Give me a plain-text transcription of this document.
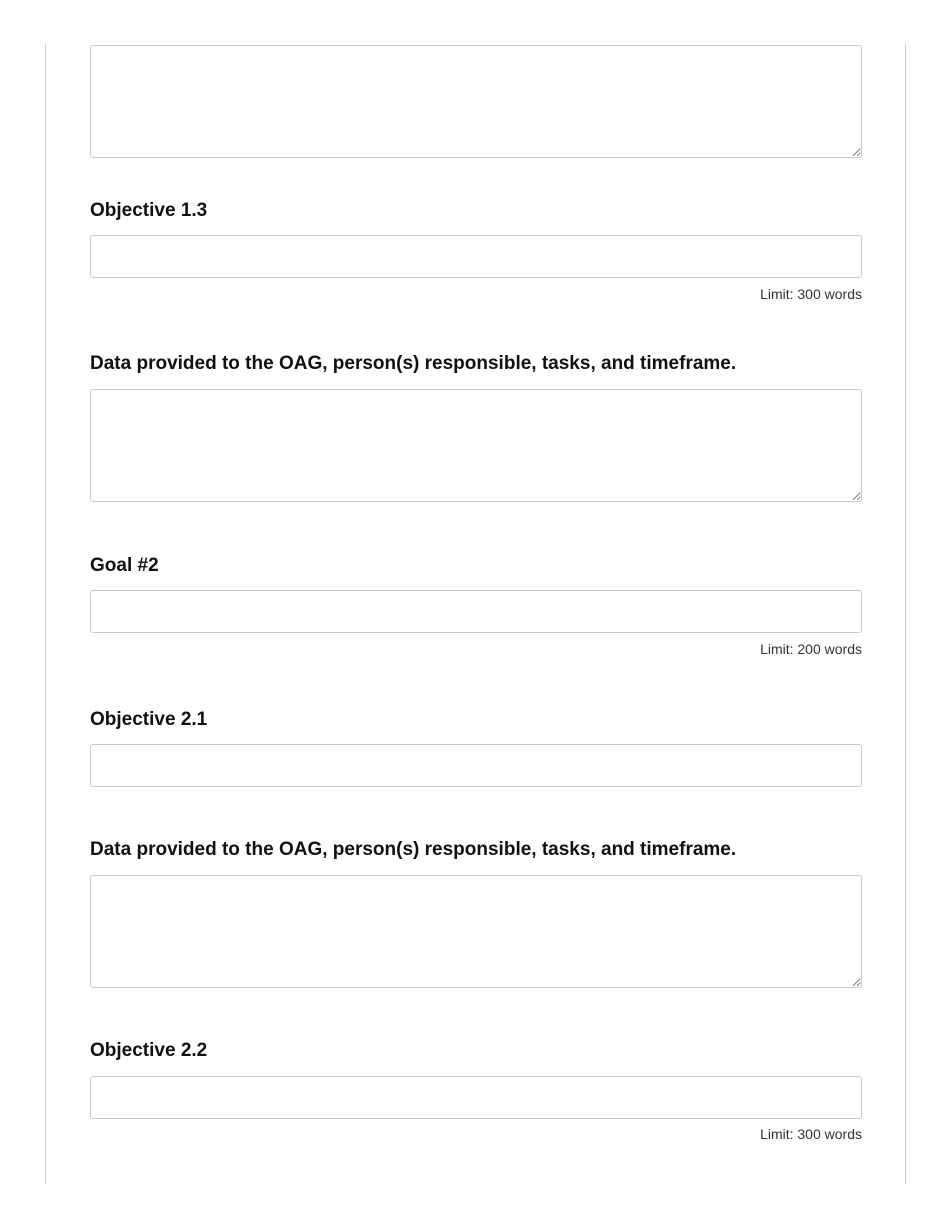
Objective 1.3
Limit: 300 words
Data provided to the OAG, person(s) responsible, tasks, and timeframe.
Goal #2
Limit: 200 words
Objective 2.1
Data provided to the OAG, person(s) responsible, tasks, and timeframe.
Objective 2.2
Limit: 300 words
